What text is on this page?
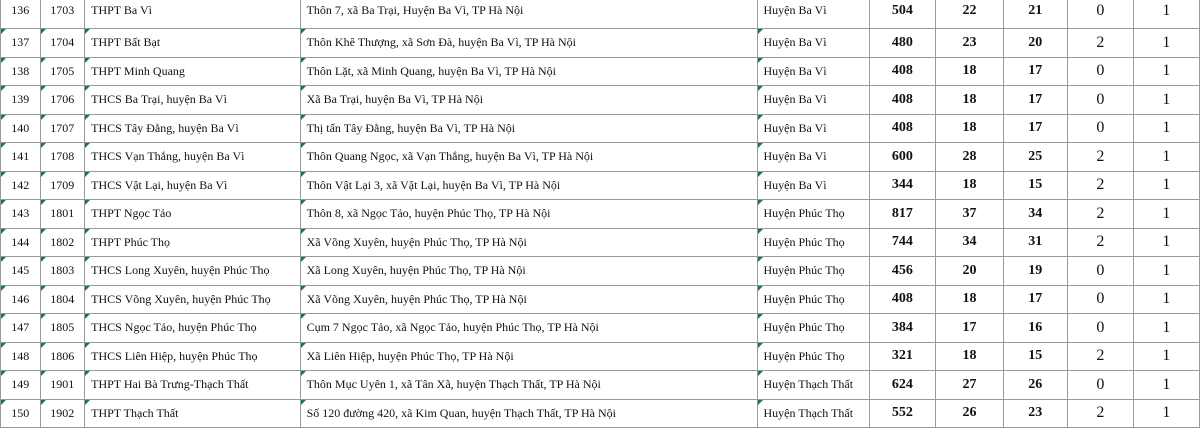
136	1703	THPT Ba Vì	Thôn 7, xã Ba Trại, Huyện Ba Vì, TP Hà Nội	Huyện Ba Vì	504	22	21	0	1

137	1704	THPT Bất Bạt	Thôn Khê Thượng, xã Sơn Đà, huyện Ba Vì, TP Hà Nội	Huyện Ba Vì	480	23	20	2	1

138	1705	THPT Minh Quang	Thôn Lặt, xã Minh Quang, huyện Ba Vì, TP Hà Nội	Huyện Ba Vì	408	18	17	0	1

139	1706	THCS Ba Trại, huyện Ba Vì	Xã Ba Trại, huyện Ba Vì, TP Hà Nội	Huyện Ba Vì	408	18	17	0	1

140	1707	THCS Tây Đằng, huyện Ba Vì	Thị tấn Tây Đằng, huyện Ba Vì, TP Hà Nội	Huyện Ba Vì	408	18	17	0	1

141	1708	THCS Vạn Thắng, huyện Ba Vì	Thôn Quang Ngọc, xã Vạn Thắng, huyện Ba Vì, TP Hà Nội	Huyện Ba Vì	600	28	25	2	1

142	1709	THCS Vật Lại, huyện Ba Vì	Thôn Vật Lại 3, xã Vật Lại, huyện Ba Vì, TP Hà Nội	Huyện Ba Vì	344	18	15	2	1

143	1801	THPT Ngọc Tảo	Thôn 8, xã Ngọc Tảo, huyện Phúc Thọ, TP Hà Nội	Huyện Phúc Thọ	817	37	34	2	1

144	1802	THPT Phúc Thọ	Xã Võng Xuyên, huyện Phúc Thọ, TP Hà Nội	Huyện Phúc Thọ	744	34	31	2	1

145	1803	THCS Long Xuyên, huyện Phúc Thọ	Xã Long Xuyên, huyện Phúc Thọ, TP Hà Nội	Huyện Phúc Thọ	456	20	19	0	1

146	1804	THCS Võng Xuyên, huyện Phúc Thọ	Xã Võng Xuyên, huyện Phúc Thọ, TP Hà Nội	Huyện Phúc Thọ	408	18	17	0	1

147	1805	THCS Ngọc Tảo, huyện Phúc Thọ	Cụm 7 Ngọc Tảo, xã Ngọc Tảo, huyện Phúc Thọ, TP Hà Nội	Huyện Phúc Thọ	384	17	16	0	1

148	1806	THCS Liên Hiệp, huyện Phúc Thọ	Xã Liên Hiệp, huyện Phúc Thọ, TP Hà Nội	Huyện Phúc Thọ	321	18	15	2	1

149	1901	THPT Hai Bà Trưng-Thạch Thất	Thôn Mục Uyên 1, xã Tân Xã, huyện Thạch Thất, TP Hà Nội	Huyện Thạch Thất	624	27	26	0	1

150	1902	THPT Thạch Thất	Số 120 đường 420, xã Kim Quan, huyện Thạch Thất, TP Hà Nội	Huyện Thạch Thất	552	26	23	2	1
